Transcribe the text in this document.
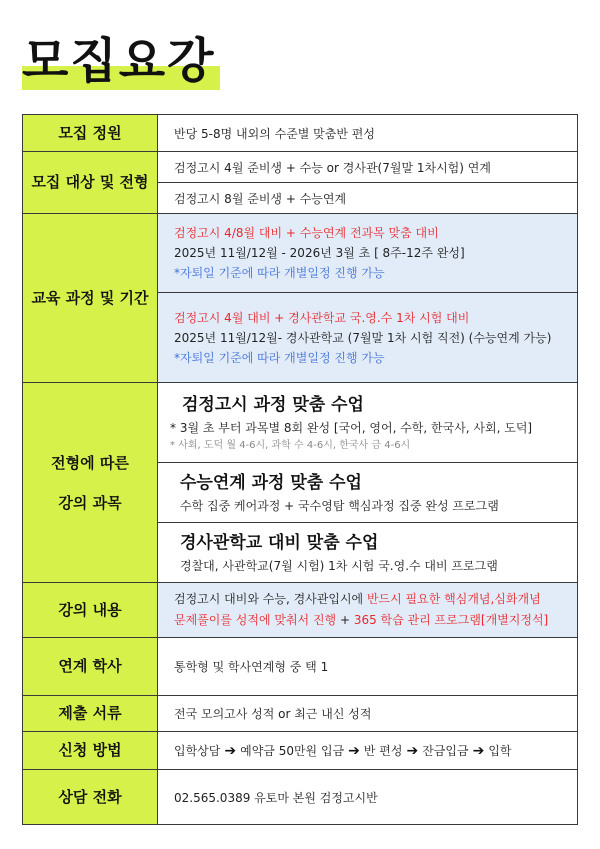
모집요강
모집 정원	반당 5-8명 내외의 수준별 맞춤반 편성
모집 대상 및 전형	검정고시 4월 준비생 + 수능 or 경사관(7월말 1차시험) 연계
	검정고시 8월 준비생 + 수능연계
교육 과정 및 기간	검정고시 4/8월 대비 + 수능연계 전과목 맞춤 대비
2025년 11월/12월 - 2026년 3월 초 [ 8주-12주 완성]
*자퇴일 기준에 따라 개별일정 진행 가능

	검정고시 4월 대비 + 경사관학교 국.영.수 1차 시험 대비
2025년 11월/12월- 경사관학교 (7월말 1차 시험 직전) (수능연계 가능)
*자퇴일 기준에 따라 개별일정 진행 가능

전형에 따른
강의 과목	검정고시 과정 맞춤 수업
* 3월 초 부터 과목별 8회 완성 [국어, 영어, 수학, 한국사, 사회, 도덕]
* 사회, 도덕 월 4-6시, 과학 수 4-6시, 한국사 금 4-6시

	수능연계 과정 맞춤 수업
수학 집중 케어과정 + 국수영탐 핵심과정 집중 완성 프로그램

	경사관학교 대비 맞춤 수업
경찰대, 사관학교(7월 시험) 1차 시험 국.영.수 대비 프로그램

강의 내용	검정고시 대비와 수능, 경사관입시에 반드시 필요한 핵심개념,심화개념
문제풀이를 성적에 맞춰서 진행 + 365 학습 관리 프로그램[개별지정석]
연계 학사	통학형 및 학사연계형 중 택 1
제출 서류	전국 모의고사 성적 or 최근 내신 성적
신청 방법	입학상담 ➔ 예약금 50만원 입금 ➔ 반 편성 ➔ 잔금입금 ➔ 입학
상담 전화	02.565.0389 유토마 본원 검정고시반
